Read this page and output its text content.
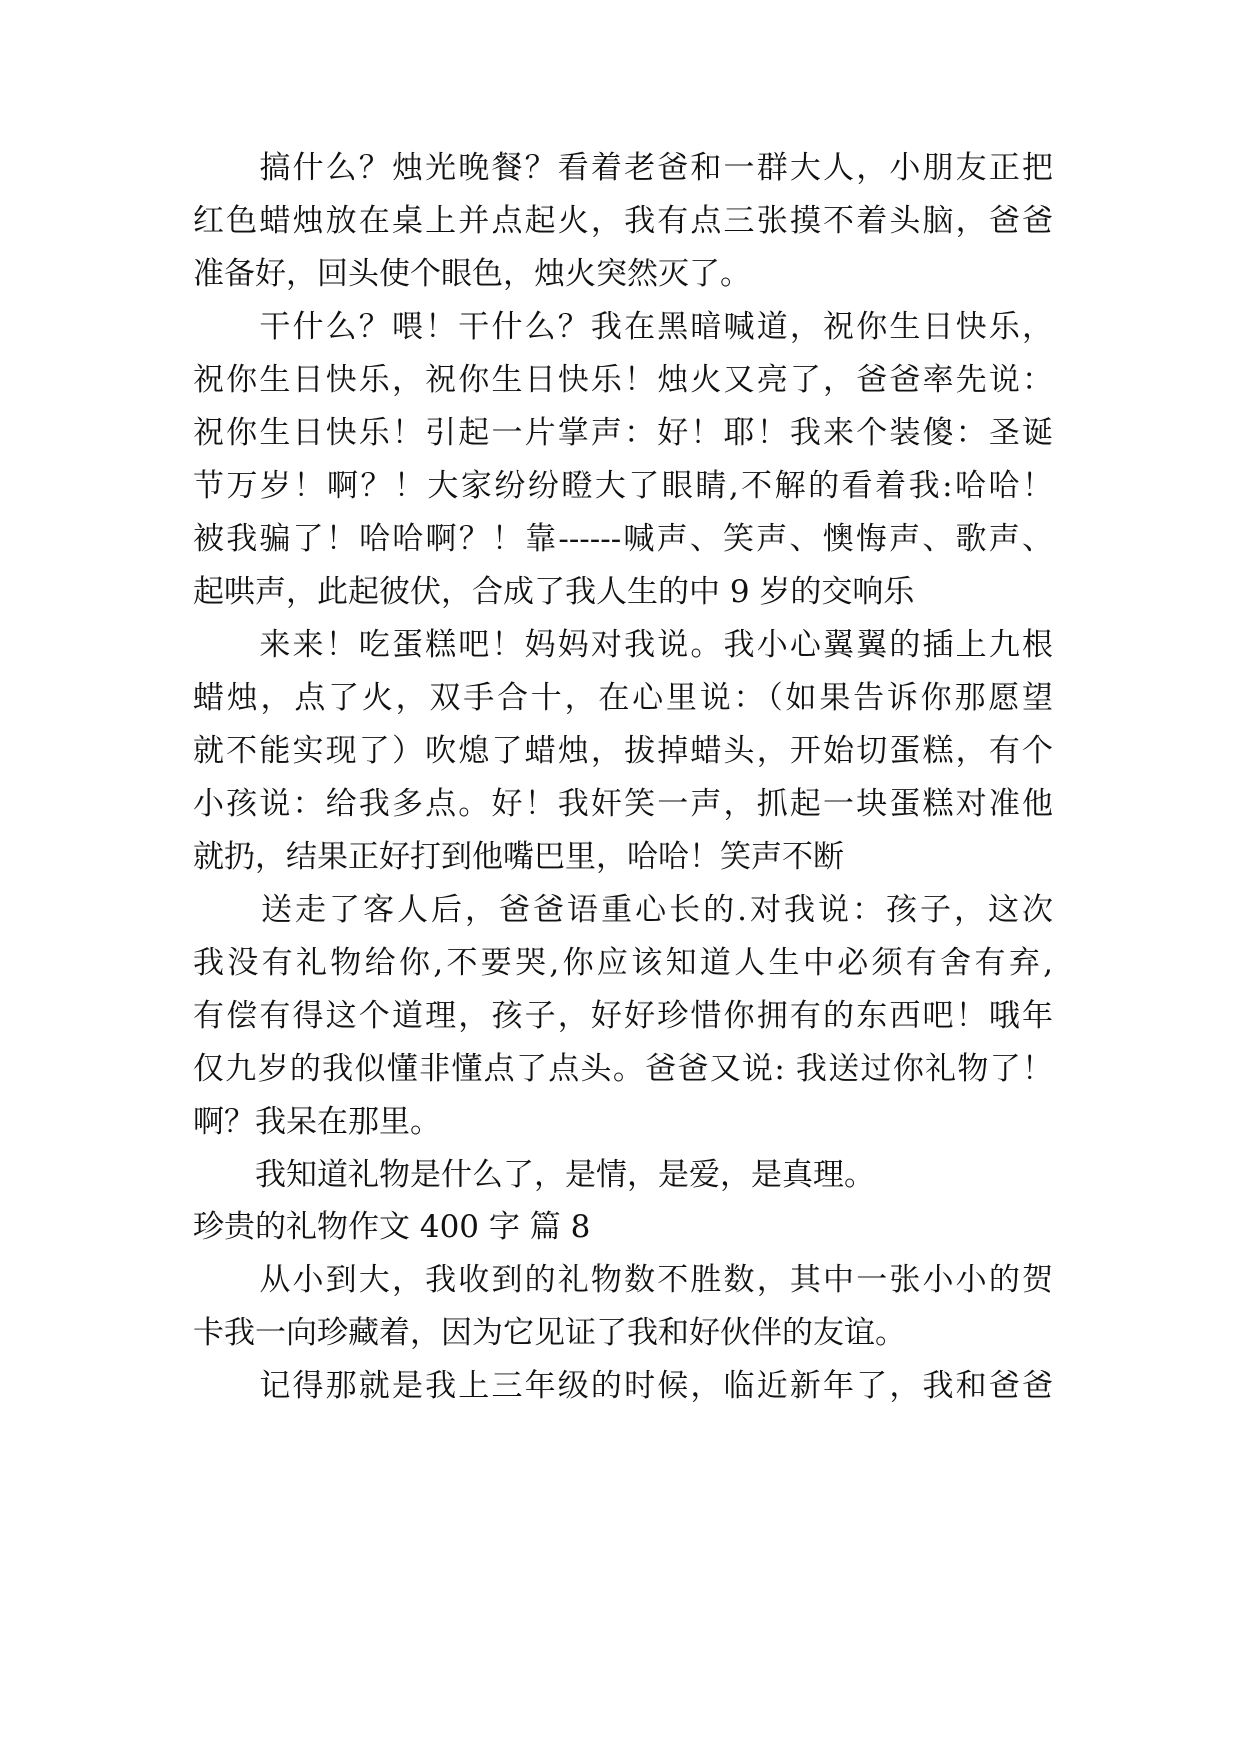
　　搞什么？烛光晚餐？看着老爸和一群大人，小朋友正把
红色蜡烛放在桌上并点起火，我有点三张摸不着头脑，爸爸
准备好，回头使个眼色，烛火突然灭了。
　　干什么？喂！干什么？我在黑暗喊道，祝你生日快乐，
祝你生日快乐，祝你生日快乐！烛火又亮了，爸爸率先说：
祝你生日快乐！引起一片掌声：好！耶！我来个装傻：圣诞
节万岁！啊？！大家纷纷瞪大了眼睛,不解的看着我:哈哈！
被我骗了！哈哈啊？！靠------喊声、笑声、懊悔声、歌声、
起哄声，此起彼伏，合成了我人生的中 9 岁的交响乐
　　来来！吃蛋糕吧！妈妈对我说。我小心翼翼的插上九根
蜡烛，点了火，双手合十，在心里说：（如果告诉你那愿望
就不能实现了）吹熄了蜡烛，拔掉蜡头，开始切蛋糕，有个
小孩说：给我多点。好！我奸笑一声，抓起一块蛋糕对准他
就扔，结果正好打到他嘴巴里，哈哈！笑声不断
　　送走了客人后，爸爸语重心长的.对我说：孩子，这次
我没有礼物给你,不要哭,你应该知道人生中必须有舍有弃,
有偿有得这个道理，孩子，好好珍惜你拥有的东西吧！哦年
仅九岁的我似懂非懂点了点头。爸爸又说: 我送过你礼物了！
啊？我呆在那里。
　　我知道礼物是什么了，是情，是爱，是真理。
珍贵的礼物作文 400 字 篇 8
　　从小到大，我收到的礼物数不胜数，其中一张小小的贺
卡我一向珍藏着，因为它见证了我和好伙伴的友谊。
　　记得那就是我上三年级的时候，临近新年了，我和爸爸
